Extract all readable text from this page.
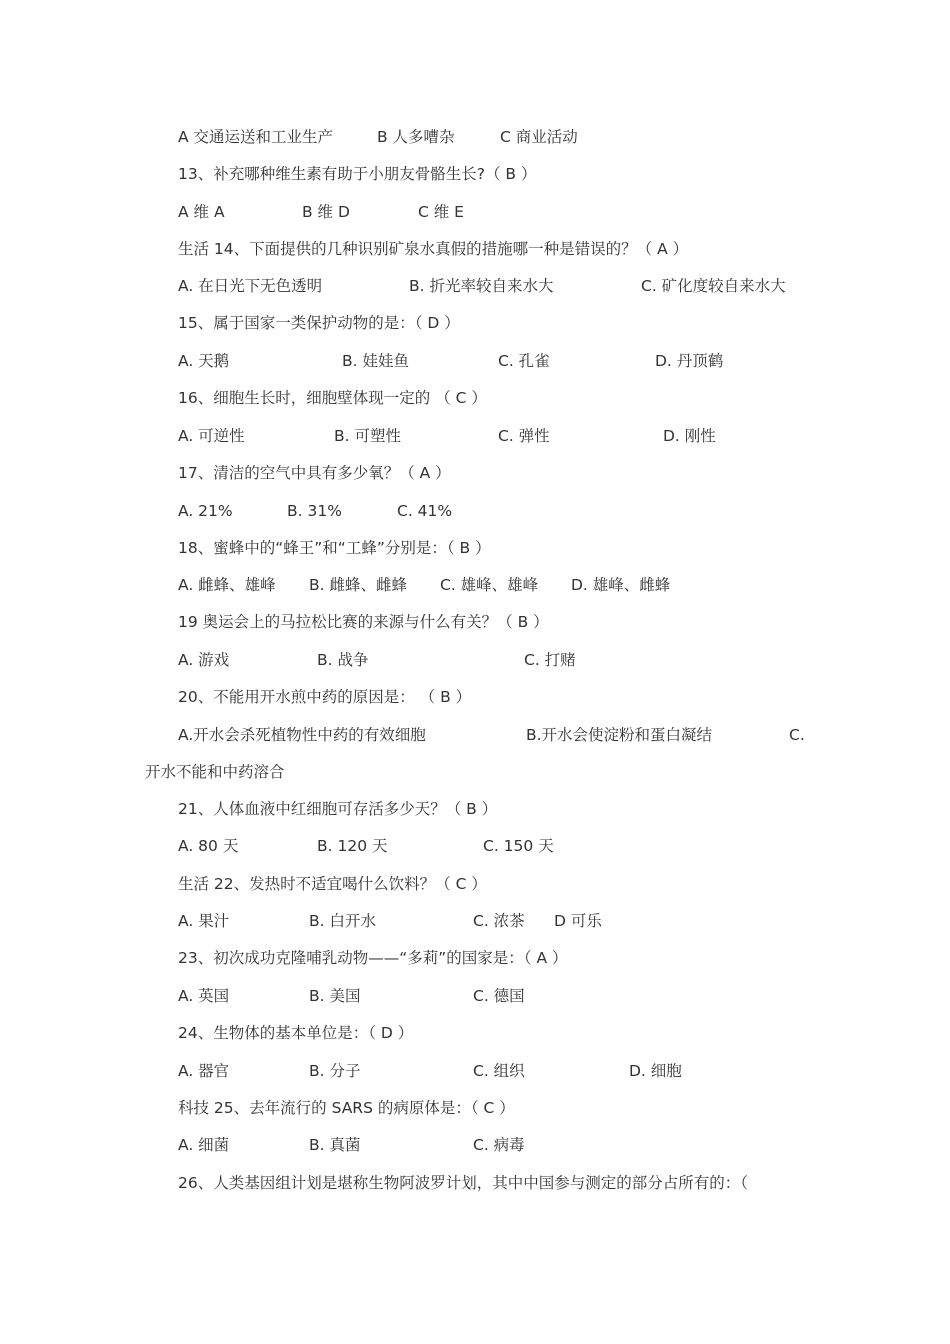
A 交通运送和工业生产	B 人多嘈杂	C 商业活动
13、补充哪种维生素有助于小朋友骨骼生长?（ B ）
A 维 A	B 维 D	C 维 E
生活 14、下面提供的几种识别矿泉水真假的措施哪一种是错误的？（ A ）
A. 在日光下无色透明	B. 折光率较自来水大	C. 矿化度较自来水大
15、属于国家一类保护动物的是：（ D ）
A. 天鹅	B. 娃娃鱼	C. 孔雀	D. 丹顶鹤
16、细胞生长时，细胞壁体现一定的 （ C ）
A. 可逆性	B. 可塑性	C. 弹性	D. 刚性
17、清洁的空气中具有多少氧？（ A ）
A. 21%	B. 31%	C. 41%
18、蜜蜂中的“蜂王”和“工蜂”分别是：（ B ）
A. 雌蜂、雄峰 B. 雌蜂、雌蜂 C. 雄峰、雄峰 D. 雄峰、雌蜂
19 奥运会上的马拉松比赛的来源与什么有关？（ B ）
A. 游戏	B. 战争	C. 打赌
20、不能用开水煎中药的原因是： （ B ）
A.开水会杀死植物性中药的有效细胞	B.开水会使淀粉和蛋白凝结	C.
开水不能和中药溶合
21、人体血液中红细胞可存活多少天？（ B ）
A. 80 天	B. 120 天	C. 150 天
生活 22、发热时不适宜喝什么饮料？（ C ）
A. 果汁	B. 白开水	C. 浓茶 D 可乐
23、初次成功克隆哺乳动物——“多莉”的国家是：（ A ）
A. 英国	B. 美国	C. 德国
24、生物体的基本单位是：（ D ）
A. 器官	B. 分子	C. 组织	D. 细胞
科技 25、去年流行的 SARS 的病原体是：（ C ）
A. 细菌	B. 真菌	C. 病毒
26、人类基因组计划是堪称生物阿波罗计划，其中中国参与测定的部分占所有的：（
